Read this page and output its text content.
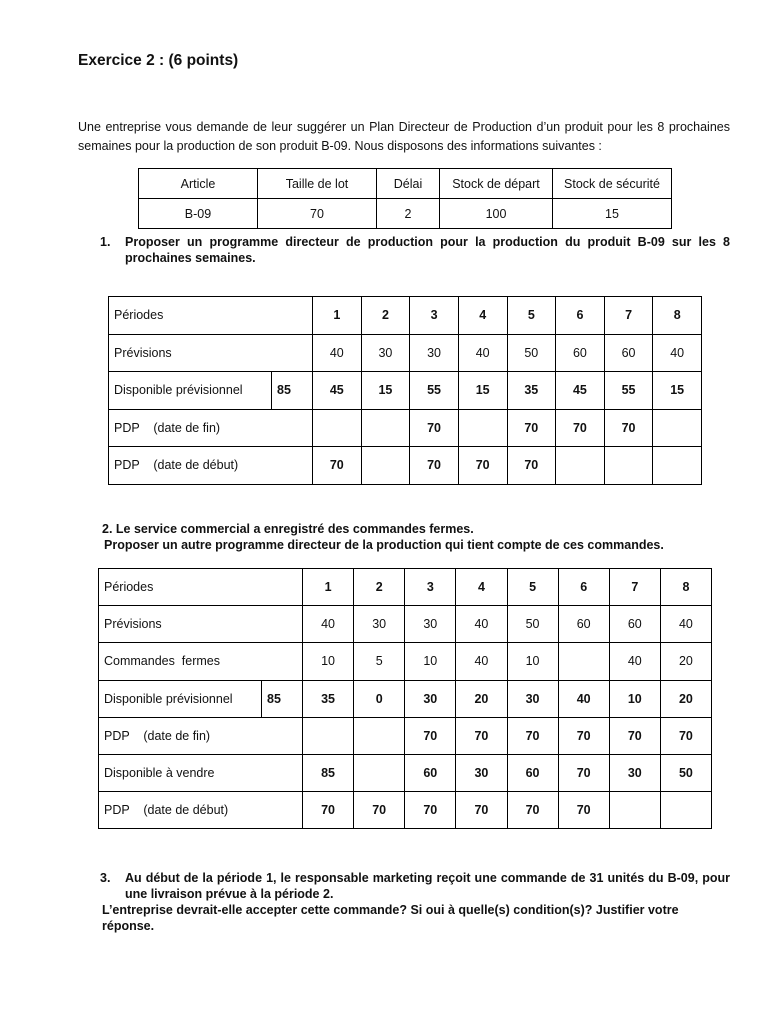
Exercice 2 : (6 points)
Une entreprise vous demande de leur suggérer un Plan Directeur de Production d’un produit pour les 8 prochaines semaines pour la production de son produit B-09. Nous disposons des informations suivantes :
Article	Taille de lot	Délai	Stock de départ	Stock de sécurité
B-09	70	2	100	15
1. Proposer un programme directeur de production pour la production du produit B-09 sur les 8 prochaines semaines.
Périodes		1	2	3	4	5	6	7	8
Prévisions		40	30	30	40	50	60	60	40
Disponible prévisionnel	85	45	15	55	15	35	45	55	15
PDP    (date de fin)				70		70	70	70	
PDP    (date de début)		70		70	70	70			
2. Le service commercial a enregistré des commandes fermes.
Proposer un autre programme directeur de la production qui tient compte de ces commandes.
Périodes		1	2	3	4	5	6	7	8
Prévisions		40	30	30	40	50	60	60	40
Commandes  fermes		10	5	10	40	10		40	20
Disponible prévisionnel	85	35	0	30	20	30	40	10	20
PDP    (date de fin)				70	70	70	70	70	70
Disponible à vendre		85		60	30	60	70	30	50
PDP    (date de début)		70	70	70	70	70	70		
3. Au début de la période 1, le responsable marketing reçoit une commande de 31 unités du B-09, pour une livraison prévue à la période 2.
L’entreprise devrait-elle accepter cette commande? Si oui à quelle(s) condition(s)? Justifier votre réponse.
